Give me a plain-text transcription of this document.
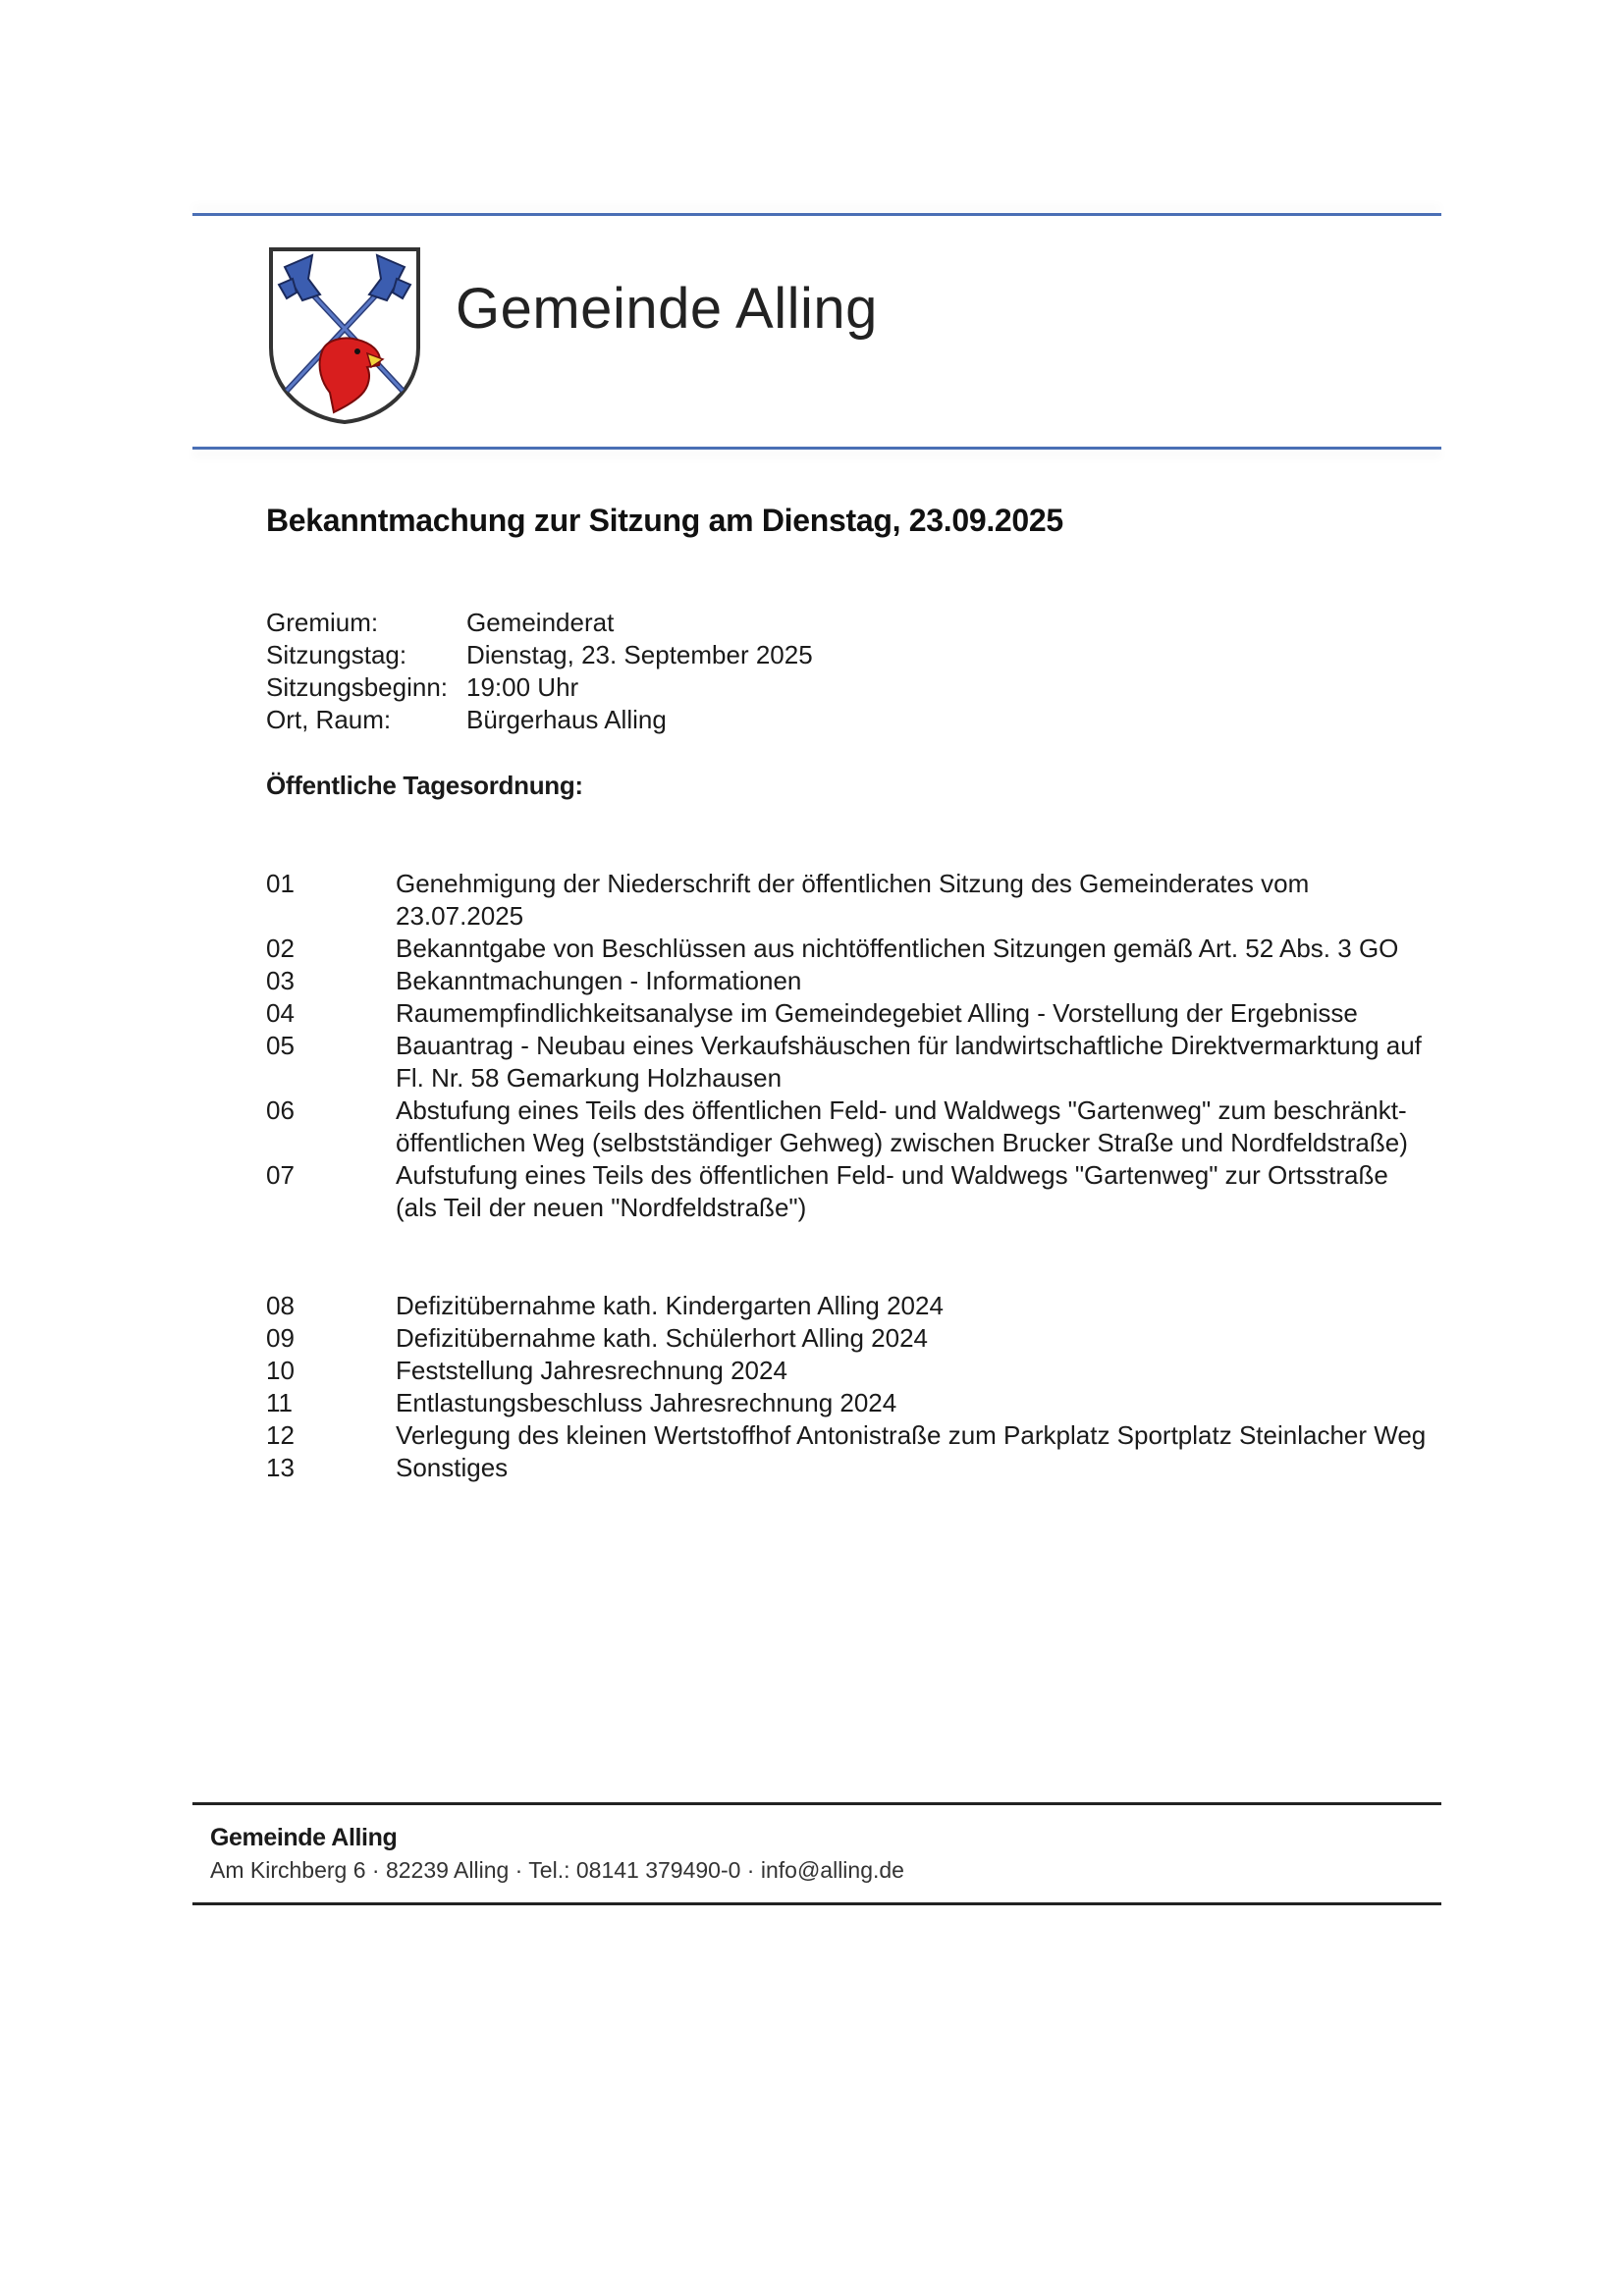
Gemeinde Alling
Bekanntmachung zur Sitzung am Dienstag, 23.09.2025
Gremium:	Gemeinderat
Sitzungstag:	Dienstag, 23. September 2025
Sitzungsbeginn: 19:00 Uhr
Ort, Raum:	Bürgerhaus Alling
Öffentliche Tagesordnung:
01	Genehmigung der Niederschrift der öffentlichen Sitzung des Gemeinderates vom 23.07.2025
02	Bekanntgabe von Beschlüssen aus nichtöffentlichen Sitzungen gemäß Art. 52 Abs. 3 GO
03	Bekanntmachungen - Informationen
04	Raumempfindlichkeitsanalyse im Gemeindegebiet Alling - Vorstellung der Ergebnisse
05	Bauantrag - Neubau eines Verkaufshäuschen für landwirtschaftliche Direktvermarktung auf Fl. Nr. 58 Gemarkung Holzhausen
06	Abstufung eines Teils des öffentlichen Feld- und Waldwegs "Gartenweg" zum beschränkt-öffentlichen Weg (selbstständiger Gehweg) zwischen Brucker Straße und Nordfeldstraße)
07	Aufstufung eines Teils des öffentlichen Feld- und Waldwegs "Gartenweg" zur Ortsstraße (als Teil der neuen "Nordfeldstraße")
08	Defizitübernahme kath. Kindergarten Alling 2024
09	Defizitübernahme kath. Schülerhort Alling 2024
10	Feststellung Jahresrechnung 2024
11	Entlastungsbeschluss Jahresrechnung 2024
12	Verlegung des kleinen Wertstoffhof Antonistraße zum Parkplatz Sportplatz Steinlacher Weg
13	Sonstiges
Gemeinde Alling
Am Kirchberg 6 · 82239 Alling · Tel.: 08141 379490-0 · info@alling.de
